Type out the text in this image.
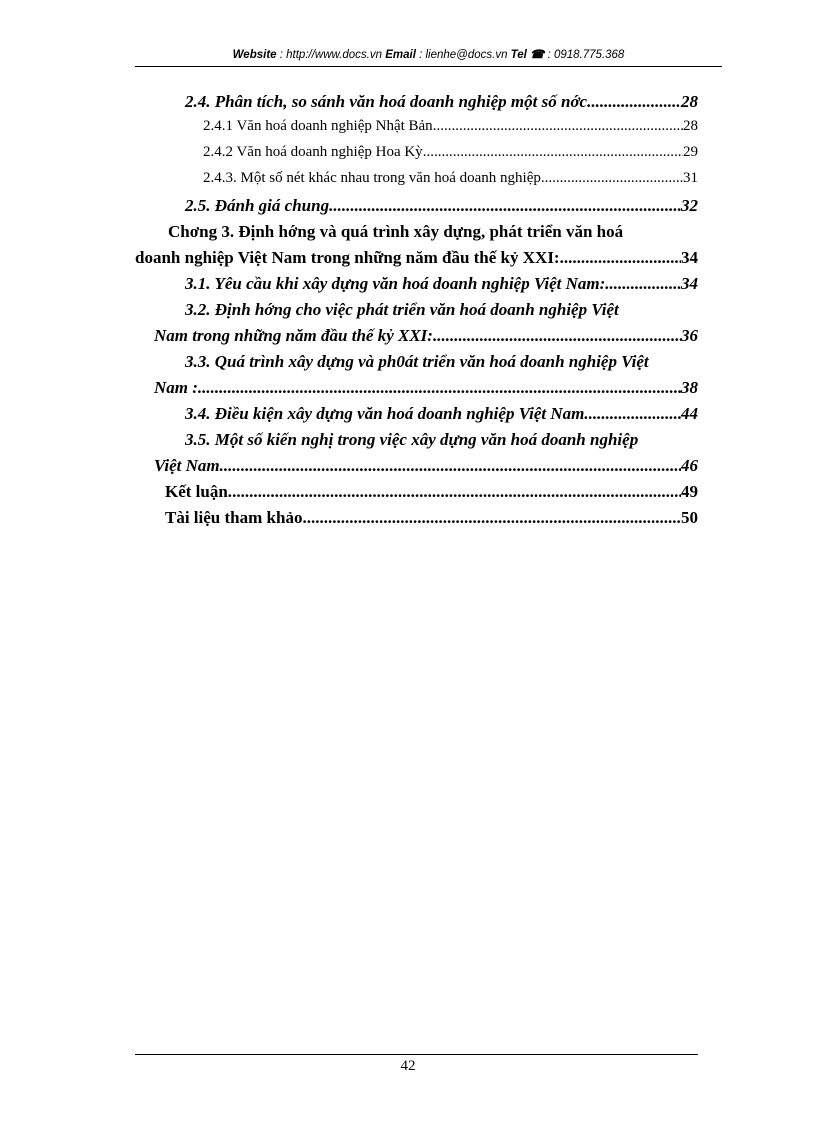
Website : http://www.docs.vn Email : lienhe@docs.vn Tel ☎ : 0918.775.368
2.4. Phân tích, so sánh văn hoá doanh nghiệp một số nớc. .....	28
2.4.1 Văn hoá doanh nghiệp Nhật Bản .....	28
2.4.2 Văn hoá doanh nghiệp Hoa Kỳ .....	29
2.4.3. Một số nét khác nhau trong văn hoá doanh nghiệp .....	31
2.5. Đánh giá chung. .....	32
Chơng 3. Định hớng và quá trình xây dựng, phát triển văn hoá
doanh nghiệp Việt Nam trong những năm đầu thế kỷ XXI: .....	34
3.1. Yêu cầu khi xây dựng văn hoá doanh nghiệp Việt Nam: .....	34
3.2. Định hớng cho việc phát triển văn hoá doanh nghiệp Việt
Nam trong những năm đầu thế kỷ XXI: .....	36
3.3. Quá trình xây dựng và ph0át triển văn hoá doanh nghiệp Việt
Nam : .....	38
3.4. Điều kiện xây dựng văn hoá doanh nghiệp Việt Nam. .....	44
3.5. Một số kiến nghị trong việc xây dựng văn hoá doanh nghiệp
Việt Nam. .....	46
Kết luận. .....	49
Tài liệu tham khảo. .....	50
42
